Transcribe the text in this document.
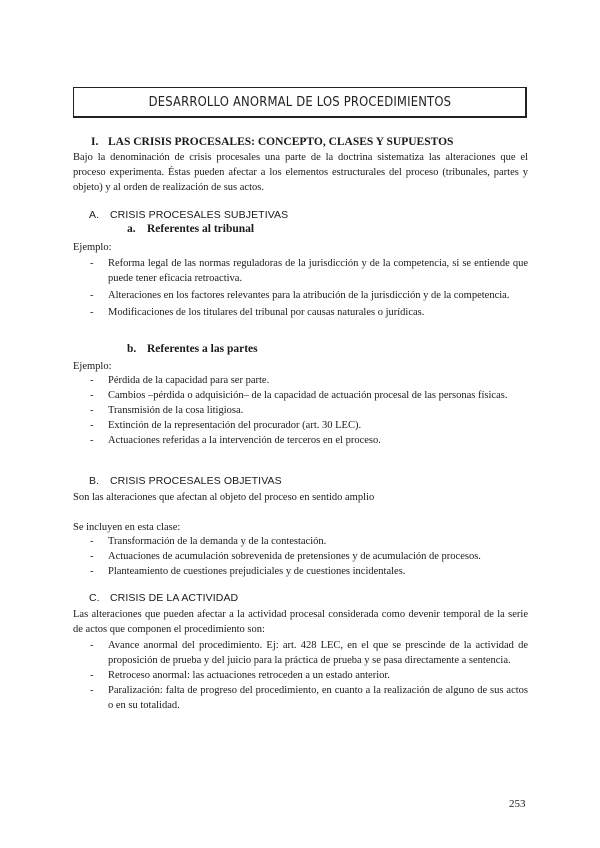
DESARROLLO ANORMAL DE LOS PROCEDIMIENTOS
I. LAS CRISIS PROCESALES: CONCEPTO, CLASES Y SUPUESTOS

Bajo la denominación de crisis procesales una parte de la doctrina sistematiza las alteraciones que el proceso experimenta. Éstas pueden afectar a los elementos estructurales del proceso (tribunales, partes y objeto) y al orden de realización de sus actos.

A. CRISIS PROCESALES SUBJETIVAS
a. Referentes al tribunal

Ejemplo:

- Reforma legal de las normas reguladoras de la jurisdicción y de la competencia, si se entiende que puede tener eficacia retroactiva.
- Alteraciones en los factores relevantes para la atribución de la jurisdicción y de la competencia.
- Modificaciones de los titulares del tribunal por causas naturales o jurídicas.
b. Referentes a las partes

Ejemplo:

- Pérdida de la capacidad para ser parte.
- Cambios –pérdida o adquisición– de la capacidad de actuación procesal de las personas físicas.
- Transmisión de la cosa litigiosa.
- Extinción de la representación del procurador (art. 30 LEC).
- Actuaciones referidas a la intervención de terceros en el proceso.
B. CRISIS PROCESALES OBJETIVAS

Son las alteraciones que afectan al objeto del proceso en sentido amplio

Se incluyen en esta clase:

- Transformación de la demanda y de la contestación.
- Actuaciones de acumulación sobrevenida de pretensiones y de acumulación de procesos.
- Planteamiento de cuestiones prejudiciales y de cuestiones incidentales.
C. CRISIS DE LA ACTIVIDAD

Las alteraciones que pueden afectar a la actividad procesal considerada como devenir temporal de la serie de actos que componen el procedimiento son:

- Avance anormal del procedimiento. Ej: art. 428 LEC, en el que se prescinde de la actividad de proposición de prueba y del juicio para la práctica de prueba y se pasa directamente a sentencia.
- Retroceso anormal: las actuaciones retroceden a un estado anterior.
- Paralización: falta de progreso del procedimiento, en cuanto a la realización de alguno de sus actos o en su totalidad.
253
